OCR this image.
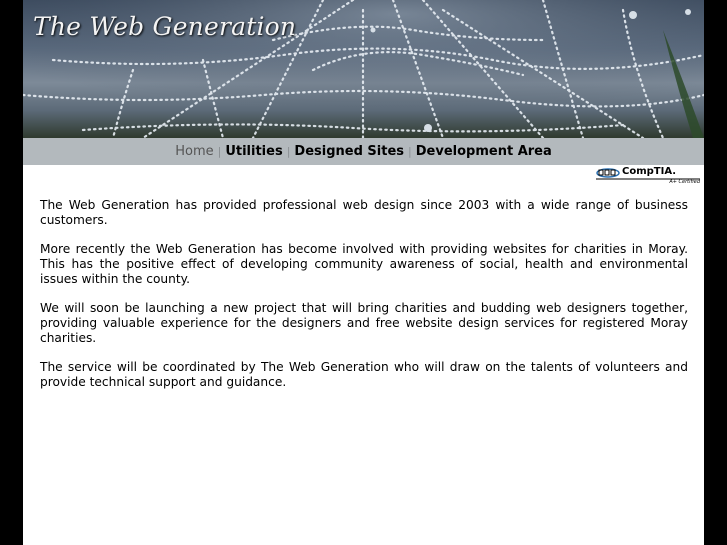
The Web Generation
Home | Utilities | Designed Sites | Development Area
CompTIA.
A+ Certified

The Web Generation has provided professional web design since 2003 with a wide range of business customers.

More recently the Web Generation has become involved with providing websites for charities in Moray. This has the positive effect of developing community awareness of social, health and environmental issues within the county.

We will soon be launching a new project that will bring charities and budding web designers together, providing valuable experience for the designers and free website design services for registered Moray charities.

The service will be coordinated by The Web Generation who will draw on the talents of volunteers and provide technical support and guidance.
